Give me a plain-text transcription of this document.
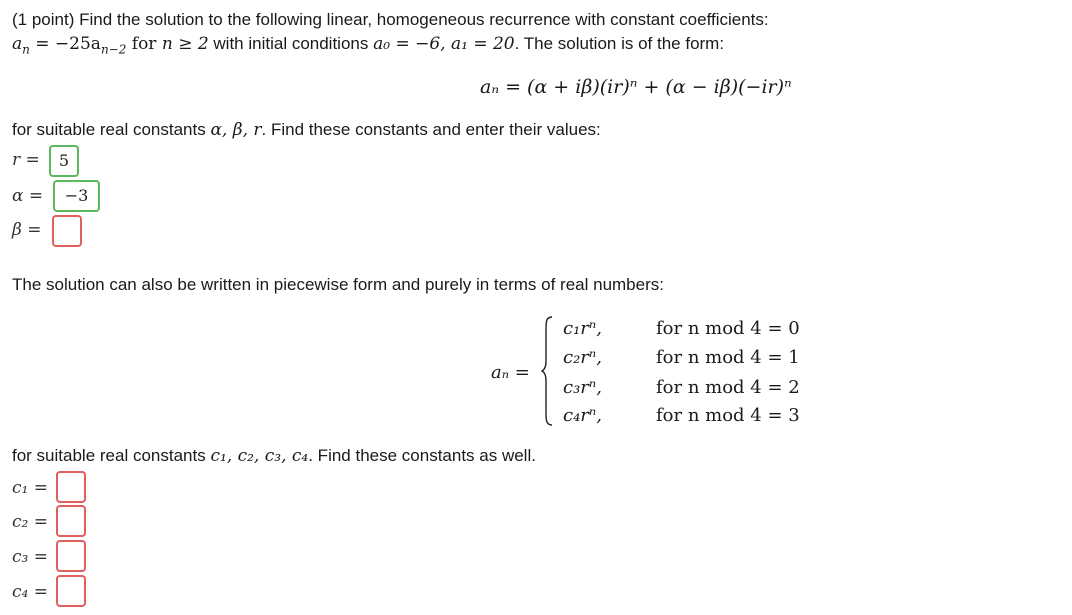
(1 point) Find the solution to the following linear, homogeneous recurrence with constant coefficients:
$a_n = -25a_{n-2}$ for n ≥ 2 with initial conditions a₀ = −6, a₁ = 20. The solution is of the form:
aₙ = (α + iβ)(ir)ⁿ + (α − iβ)(−ir)ⁿ
for suitable real constants α, β, r. Find these constants and enter their values:
r =	5
α =	−3
β =
The solution can also be written in piecewise form and purely in terms of real numbers:
aₙ =
c₁rⁿ,	for n mod 4 = 0
c₂rⁿ,	for n mod 4 = 1
c₃rⁿ,	for n mod 4 = 2
c₄rⁿ,	for n mod 4 = 3
for suitable real constants c₁, c₂, c₃, c₄. Find these constants as well.
c₁ =
c₂ =
c₃ =
c₄ =
